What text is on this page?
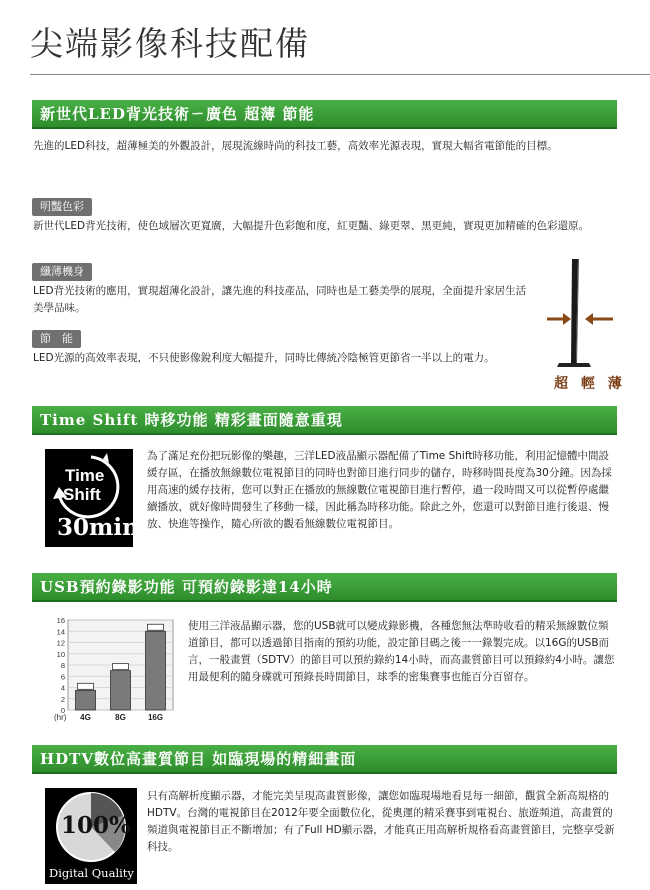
尖端影像科技配備
新世代LED背光技術ㄧ廣色 超薄 節能
先進的LED科技，超薄極美的外觀設計，展現流線時尚的科技工藝，高效率光源表現，實現大幅省電節能的目標。
明豔色彩
新世代LED背光技術，使色域層次更寬廣，大幅提升色彩飽和度，紅更豔、綠更翠、黑更純，實現更加精確的色彩還原。
纖薄機身
LED背光技術的應用，實現超薄化設計，讓先進的科技產品，同時也是工藝美學的展現，全面提升家居生活美學品味。
節　能
LED光源的高效率表現，不只使影像銳利度大幅提升，同時比傳統冷陰極管更節省一半以上的電力。
超 輕 薄
Time Shift 時移功能 精彩畫面隨意重現
Time
Shift
30min
為了滿足充份把玩影像的樂趣，三洋LED液晶顯示器配備了Time Shift時移功能，利用記憶體中間設緩存區，在播放無線數位電視節目的同時也對節目進行同步的儲存，時移時間長度為30分鐘。因為採用高速的緩存技術，您可以對正在播放的無線數位電視節目進行暫停，過一段時間又可以從暫停處繼續播放，就好像時間發生了移動一樣，因此稱為時移功能。除此之外，您還可以對節目進行後退、慢放、快進等操作，隨心所欲的觀看無線數位電視節目。
USB預約錄影功能 可預約錄影達14小時
0
2
4
6
8
10
12
14
16
4G	8G	16G
(hr)
使用三洋液晶顯示器，您的USB就可以變成錄影機，各種您無法準時收看的精采無線數位頻道節目，都可以透過節目指南的預約功能，設定節目碼之後一一錄製完成。以16G的USB而言，一般畫質（SDTV）的節目可以預約錄約14小時，而高畫質節目可以預錄約4小時。讓您用最便利的隨身碟就可預錄長時間節目，球季的密集賽事也能百分百留存。
HDTV數位高畫質節目 如臨現場的精細畫面
100%
Digital Quality
只有高解析度顯示器，才能完美呈現高畫質影像，讓您如臨現場地看見每一細節，觀賞全新高規格的HDTV。台灣的電視節目在2012年要全面數位化，從奧運的精采賽事到電視台、旅遊頻道，高畫質的頻道與電視節目正不斷增加；有了Full HD顯示器，才能真正用高解析規格看高畫質節目，完整享受新科技。
